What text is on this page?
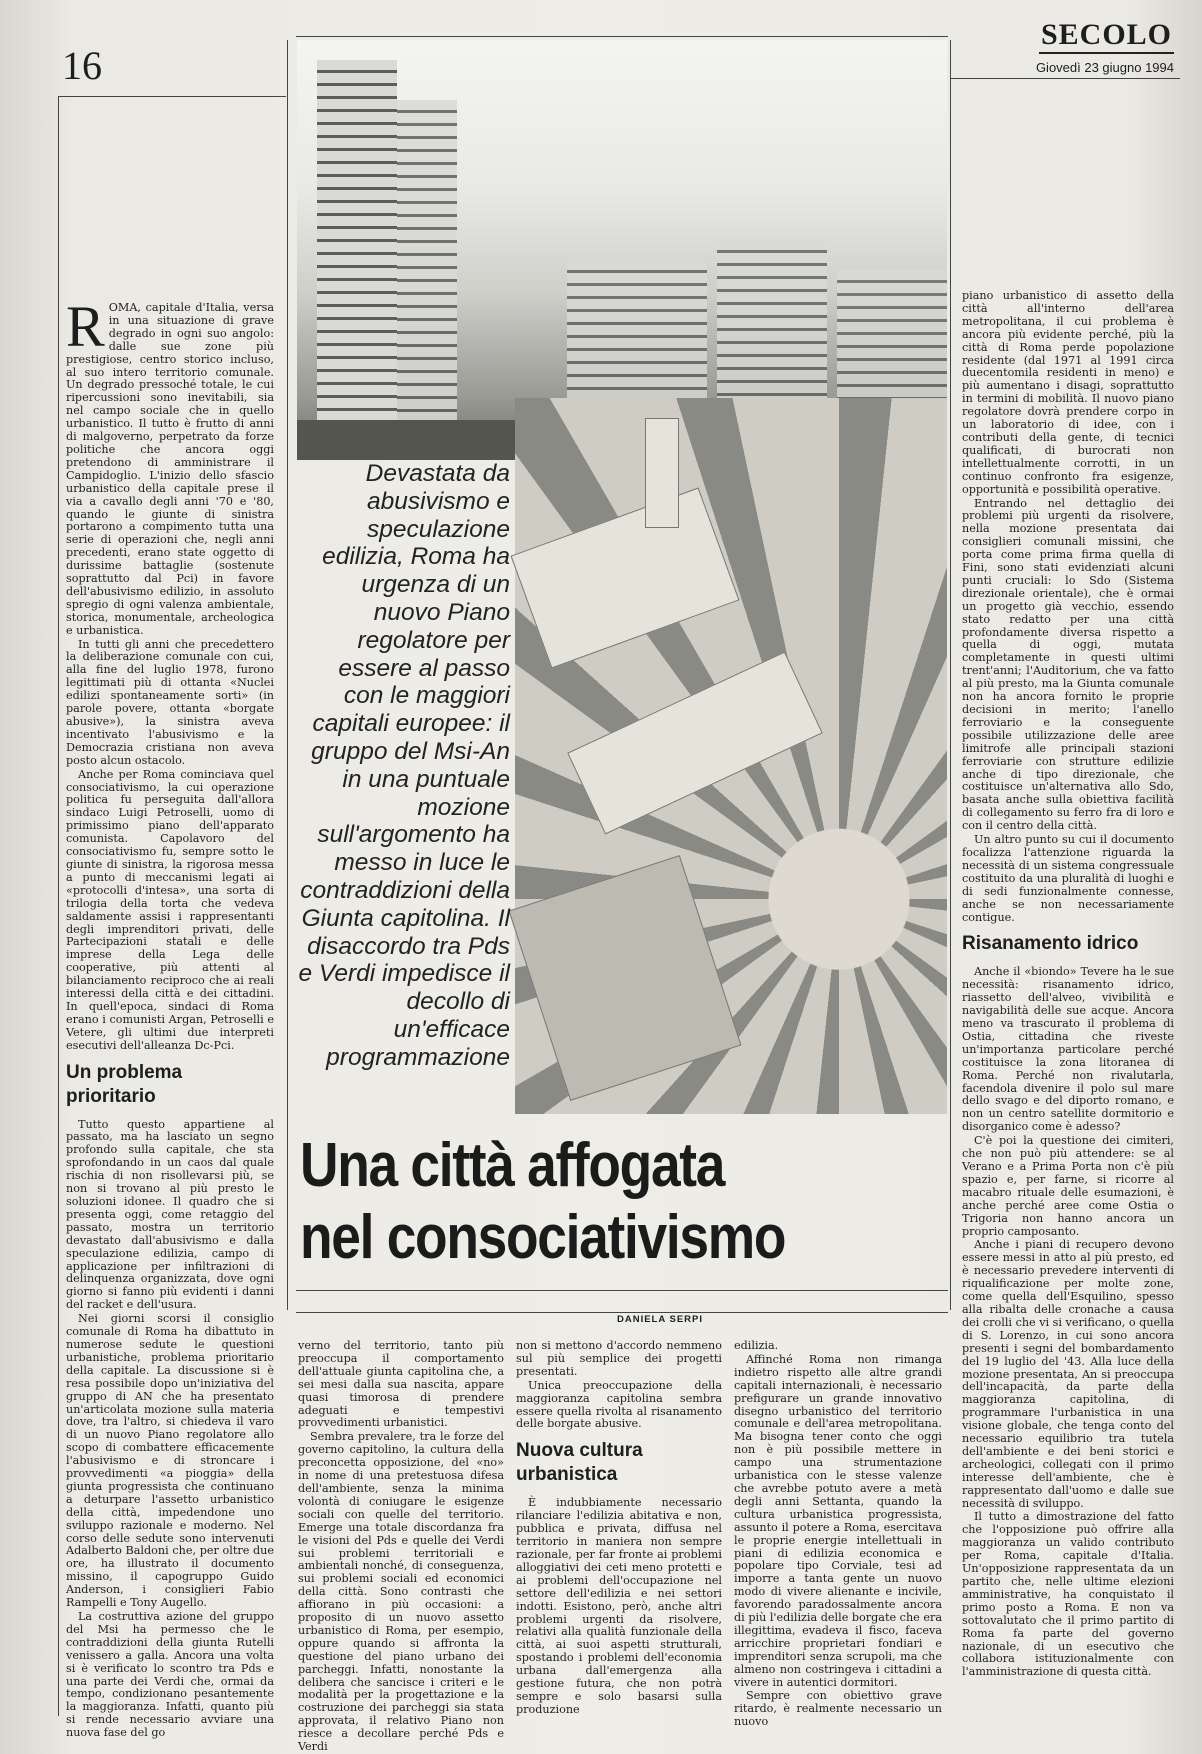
16
SECOLO
Giovedì 23 giugno 1994
Devastata da abusivismo e speculazione edilizia, Roma ha urgenza di un nuovo Piano regolatore per essere al passo con le maggiori capitali europee: il gruppo del Msi-An in una puntuale mozione sull'argomento ha messo in luce le contraddizioni della Giunta capitolina. Il disaccordo tra Pds e Verdi impedisce il decollo di un'efficace programmazione
Una città affogata
nel consociativismo
DANIELA SERPI

ROMA, capitale d'Italia, versa in una situazione di grave degrado in ogni suo angolo: dalle sue zone più prestigiose, centro storico incluso, al suo intero territorio comunale. Un degrado pressoché totale, le cui ripercussioni sono inevitabili, sia nel campo sociale che in quello urbanistico. Il tutto è frutto di anni di malgoverno, perpetrato da forze politiche che ancora oggi pretendono di amministrare il Campidoglio. L'inizio dello sfascio urbanistico della capitale prese il via a cavallo degli anni '70 e '80, quando le giunte di sinistra portarono a compimento tutta una serie di operazioni che, negli anni precedenti, erano state oggetto di durissime battaglie (sostenute soprattutto dal Pci) in favore dell'abusivismo edilizio, in assoluto spregio di ogni valenza ambientale, storica, monumentale, archeologica e urbanistica.

In tutti gli anni che precedettero la deliberazione comunale con cui, alla fine del luglio 1978, furono legittimati più di ottanta «Nuclei edilizi spontaneamente sorti» (in parole povere, ottanta «borgate abusive»), la sinistra aveva incentivato l'abusivismo e la Democrazia cristiana non aveva posto alcun ostacolo.

Anche per Roma cominciava quel consociativismo, la cui operazione politica fu perseguita dall'allora sindaco Luigi Petroselli, uomo di primissimo piano dell'apparato comunista. Capolavoro del consociativismo fu, sempre sotto le giunte di sinistra, la rigorosa messa a punto di meccanismi legati ai «protocolli d'intesa», una sorta di trilogia della torta che vedeva saldamente assisi i rappresentanti degli imprenditori privati, delle Partecipazioni statali e delle imprese della Lega delle cooperative, più attenti al bilanciamento reciproco che ai reali interessi della città e dei cittadini. In quell'epoca, sindaci di Roma erano i comunisti Argan, Petroselli e Vetere, gli ultimi due interpreti esecutivi dell'alleanza Dc-Pci.

Un problema prioritario

Tutto questo appartiene al passato, ma ha lasciato un segno profondo sulla capitale, che sta sprofondando in un caos dal quale rischia di non risollevarsi più, se non si trovano al più presto le soluzioni idonee. Il quadro che si presenta oggi, come retaggio del passato, mostra un territorio devastato dall'abusivismo e dalla speculazione edilizia, campo di applicazione per infiltrazioni di delinquenza organizzata, dove ogni giorno si fanno più evidenti i danni del racket e dell'usura.

Nei giorni scorsi il consiglio comunale di Roma ha dibattuto in numerose sedute le questioni urbanistiche, problema prioritario della capitale. La discussione si è resa possibile dopo un'iniziativa del gruppo di AN che ha presentato un'articolata mozione sulla materia dove, tra l'altro, si chiedeva il varo di un nuovo Piano regolatore allo scopo di combattere efficacemente l'abusivismo e di stroncare i provvedimenti «a pioggia» della giunta progressista che continuano a deturpare l'assetto urbanistico della città, impedendone uno sviluppo razionale e moderno. Nel corso delle sedute sono intervenuti Adalberto Baldoni che, per oltre due ore, ha illustrato il documento missino, il capogruppo Guido Anderson, i consiglieri Fabio Rampelli e Tony Augello.

La costruttiva azione del gruppo del Msi ha permesso che le contraddizioni della giunta Rutelli venissero a galla. Ancora una volta si è verificato lo scontro tra Pds e una parte dei Verdi che, ormai da tempo, condizionano pesantemente la maggioranza. Infatti, quanto più si rende necessario avviare una nuova fase del go

verno del territorio, tanto più preoccupa il comportamento dell'attuale giunta capitolina che, a sei mesi dalla sua nascita, appare quasi timorosa di prendere adeguati e tempestivi provvedimenti urbanistici.

Sembra prevalere, tra le forze del governo capitolino, la cultura della preconcetta opposizione, del «no» in nome di una pretestuosa difesa dell'ambiente, senza la minima volontà di coniugare le esigenze sociali con quelle del territorio. Emerge una totale discordanza fra le visioni del Pds e quelle dei Verdi sui problemi territoriali e ambientali nonché, di conseguenza, sui problemi sociali ed economici della città. Sono contrasti che affiorano in più occasioni: a proposito di un nuovo assetto urbanistico di Roma, per esempio, oppure quando si affronta la questione del piano urbano dei parcheggi. Infatti, nonostante la delibera che sancisce i criteri e le modalità per la progettazione e la costruzione dei parcheggi sia stata approvata, il relativo Piano non riesce a decollare perché Pds e Verdi

non si mettono d'accordo nemmeno sul più semplice dei progetti presentati.

Unica preoccupazione della maggioranza capitolina sembra essere quella rivolta al risanamento delle borgate abusive.

Nuova cultura urbanistica

È indubbiamente necessario rilanciare l'edilizia abitativa e non, pubblica e privata, diffusa nel territorio in maniera non sempre razionale, per far fronte ai problemi alloggiativi dei ceti meno protetti e ai problemi dell'occupazione nel settore dell'edilizia e nei settori indotti. Esistono, però, anche altri problemi urgenti da risolvere, relativi alla qualità funzionale della città, ai suoi aspetti strutturali, spostando i problemi dell'economia urbana dall'emergenza alla gestione futura, che non potrà sempre e solo basarsi sulla produzione

edilizia.

Affinché Roma non rimanga indietro rispetto alle altre grandi capitali internazionali, è necessario prefigurare un grande innovativo disegno urbanistico del territorio comunale e dell'area metropolitana. Ma bisogna tener conto che oggi non è più possibile mettere in campo una strumentazione urbanistica con le stesse valenze che avrebbe potuto avere a metà degli anni Settanta, quando la cultura urbanistica progressista, assunto il potere a Roma, esercitava le proprie energie intellettuali in piani di edilizia economica e popolare tipo Corviale, tesi ad imporre a tanta gente un nuovo modo di vivere alienante e incivile, favorendo paradossalmente ancora di più l'edilizia delle borgate che era illegittima, evadeva il fisco, faceva arricchire proprietari fondiari e imprenditori senza scrupoli, ma che almeno non costringeva i cittadini a vivere in autentici dormitori.

Sempre con obiettivo grave ritardo, è realmente necessario un nuovo

piano urbanistico di assetto della città all'interno dell'area metropolitana, il cui problema è ancora più evidente perché, più la città di Roma perde popolazione residente (dal 1971 al 1991 circa duecentomila residenti in meno) e più aumentano i disagi, soprattutto in termini di mobilità. Il nuovo piano regolatore dovrà prendere corpo in un laboratorio di idee, con i contributi della gente, di tecnici qualificati, di burocrati non intellettualmente corrotti, in un continuo confronto fra esigenze, opportunità e possibilità operative.

Entrando nel dettaglio dei problemi più urgenti da risolvere, nella mozione presentata dai consiglieri comunali missini, che porta come prima firma quella di Fini, sono stati evidenziati alcuni punti cruciali: lo Sdo (Sistema direzionale orientale), che è ormai un progetto già vecchio, essendo stato redatto per una città profondamente diversa rispetto a quella di oggi, mutata completamente in questi ultimi trent'anni; l'Auditorium, che va fatto al più presto, ma la Giunta comunale non ha ancora fornito le proprie decisioni in merito; l'anello ferroviario e la conseguente possibile utilizzazione delle aree limitrofe alle principali stazioni ferroviarie con strutture edilizie anche di tipo direzionale, che costituisce un'alternativa allo Sdo, basata anche sulla obiettiva facilità di collegamento su ferro fra di loro e con il centro della città.

Un altro punto su cui il documento focalizza l'attenzione riguarda la necessità di un sistema congressuale costituito da una pluralità di luoghi e di sedi funzionalmente connesse, anche se non necessariamente contigue.

Risanamento idrico

Anche il «biondo» Tevere ha le sue necessità: risanamento idrico, riassetto dell'alveo, vivibilità e navigabilità delle sue acque. Ancora meno va trascurato il problema di Ostia, cittadina che riveste un'importanza particolare perché costituisce la zona litoranea di Roma. Perché non rivalutarla, facendola divenire il polo sul mare dello svago e del diporto romano, e non un centro satellite dormitorio e disorganico come è adesso?

C'è poi la questione dei cimiteri, che non può più attendere: se al Verano e a Prima Porta non c'è più spazio e, per farne, si ricorre al macabro rituale delle esumazioni, è anche perché aree come Ostia o Trigoria non hanno ancora un proprio camposanto.

Anche i piani di recupero devono essere messi in atto al più presto, ed è necessario prevedere interventi di riqualificazione per molte zone, come quella dell'Esquilino, spesso alla ribalta delle cronache a causa dei crolli che vi si verificano, o quella di S. Lorenzo, in cui sono ancora presenti i segni del bombardamento del 19 luglio del '43. Alla luce della mozione presentata, An si preoccupa dell'incapacità, da parte della maggioranza capitolina, di programmare l'urbanistica in una visione globale, che tenga conto del necessario equilibrio tra tutela dell'ambiente e dei beni storici e archeologici, collegati con il primo interesse dell'ambiente, che è rappresentato dall'uomo e dalle sue necessità di sviluppo.

Il tutto a dimostrazione del fatto che l'opposizione può offrire alla maggioranza un valido contributo per Roma, capitale d'Italia. Un'opposizione rappresentata da un partito che, nelle ultime elezioni amministrative, ha conquistato il primo posto a Roma. E non va sottovalutato che il primo partito di Roma fa parte del governo nazionale, di un esecutivo che collabora istituzionalmente con l'amministrazione di questa città.
